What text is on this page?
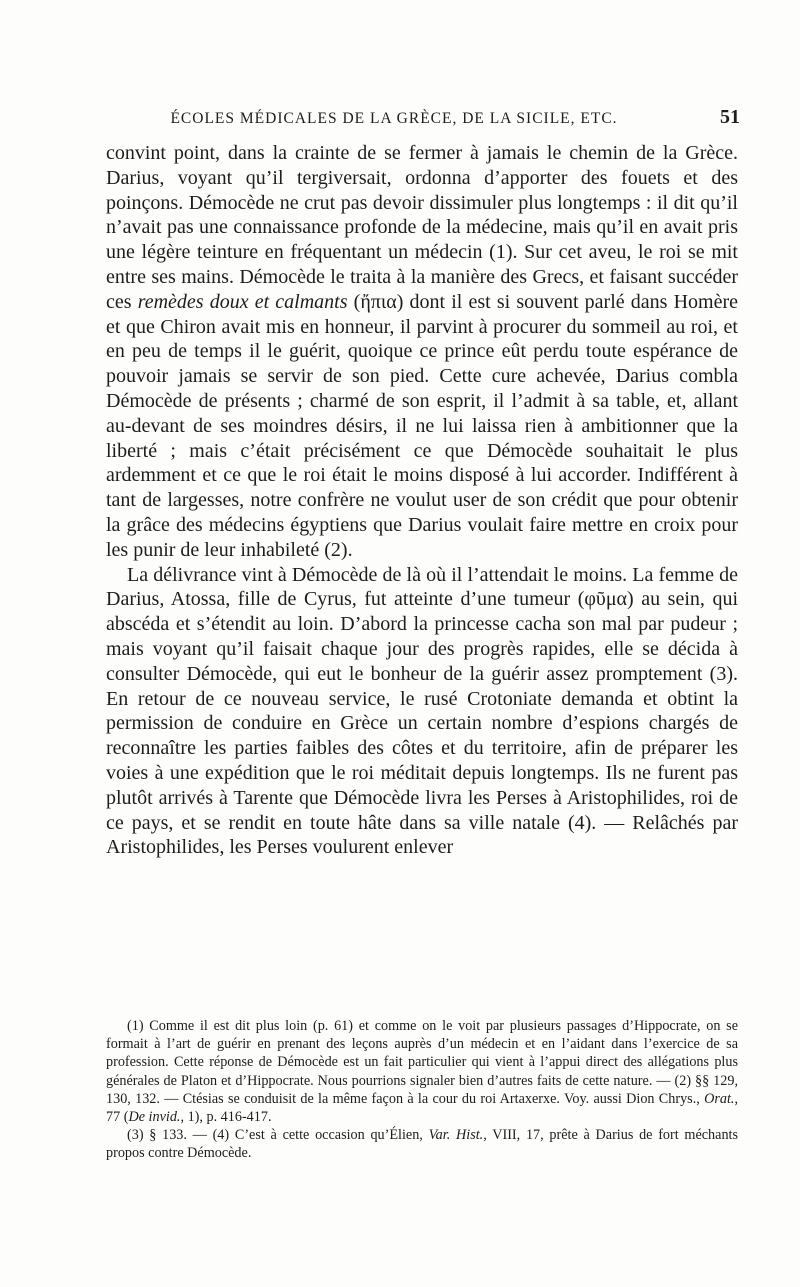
ÉCOLES MÉDICALES DE LA GRÈCE, DE LA SICILE, ETC.	51

convint point, dans la crainte de se fermer à jamais le chemin de la Grèce. Darius, voyant qu’il tergiversait, ordonna d’apporter des fouets et des poinçons. Démocède ne crut pas devoir dissimuler plus longtemps : il dit qu’il n’avait pas une connaissance profonde de la médecine, mais qu’il en avait pris une légère teinture en fréquentant un médecin (1). Sur cet aveu, le roi se mit entre ses mains. Démocède le traita à la manière des Grecs, et faisant succéder ces remèdes doux et calmants (ἤπια) dont il est si souvent parlé dans Homère et que Chiron avait mis en honneur, il parvint à procurer du sommeil au roi, et en peu de temps il le guérit, quoique ce prince eût perdu toute espérance de pouvoir jamais se servir de son pied. Cette cure achevée, Darius combla Démocède de présents ; charmé de son esprit, il l’admit à sa table, et, allant au-devant de ses moindres désirs, il ne lui laissa rien à ambitionner que la liberté ; mais c’était précisément ce que Démocède souhaitait le plus ardemment et ce que le roi était le moins disposé à lui accorder. Indifférent à tant de largesses, notre confrère ne voulut user de son crédit que pour obtenir la grâce des médecins égyptiens que Darius voulait faire mettre en croix pour les punir de leur inhabileté (2).

La délivrance vint à Démocède de là où il l’attendait le moins. La femme de Darius, Atossa, fille de Cyrus, fut atteinte d’une tumeur (φῦμα) au sein, qui abscéda et s’étendit au loin. D’abord la princesse cacha son mal par pudeur ; mais voyant qu’il faisait chaque jour des progrès rapides, elle se décida à consulter Démocède, qui eut le bonheur de la guérir assez promptement (3). En retour de ce nouveau service, le rusé Crotoniate demanda et obtint la permission de conduire en Grèce un certain nombre d’espions chargés de reconnaître les parties faibles des côtes et du territoire, afin de préparer les voies à une expédition que le roi méditait depuis longtemps. Ils ne furent pas plutôt arrivés à Tarente que Démocède livra les Perses à Aristophilides, roi de ce pays, et se rendit en toute hâte dans sa ville natale (4). — Relâchés par Aristophilides, les Perses voulurent enlever

(1) Comme il est dit plus loin (p. 61) et comme on le voit par plusieurs passages d’Hippocrate, on se formait à l’art de guérir en prenant des leçons auprès d’un médecin et en l’aidant dans l’exercice de sa profession. Cette réponse de Démocède est un fait particulier qui vient à l’appui direct des allégations plus générales de Platon et d’Hippocrate. Nous pourrions signaler bien d’autres faits de cette nature. — (2) §§ 129, 130, 132. — Ctésias se conduisit de la même façon à la cour du roi Artaxerxe. Voy. aussi Dion Chrys., Orat., 77 (De invid., 1), p. 416-417.

(3) § 133. — (4) C’est à cette occasion qu’Élien, Var. Hist., VIII, 17, prête à Darius de fort méchants propos contre Démocède.
